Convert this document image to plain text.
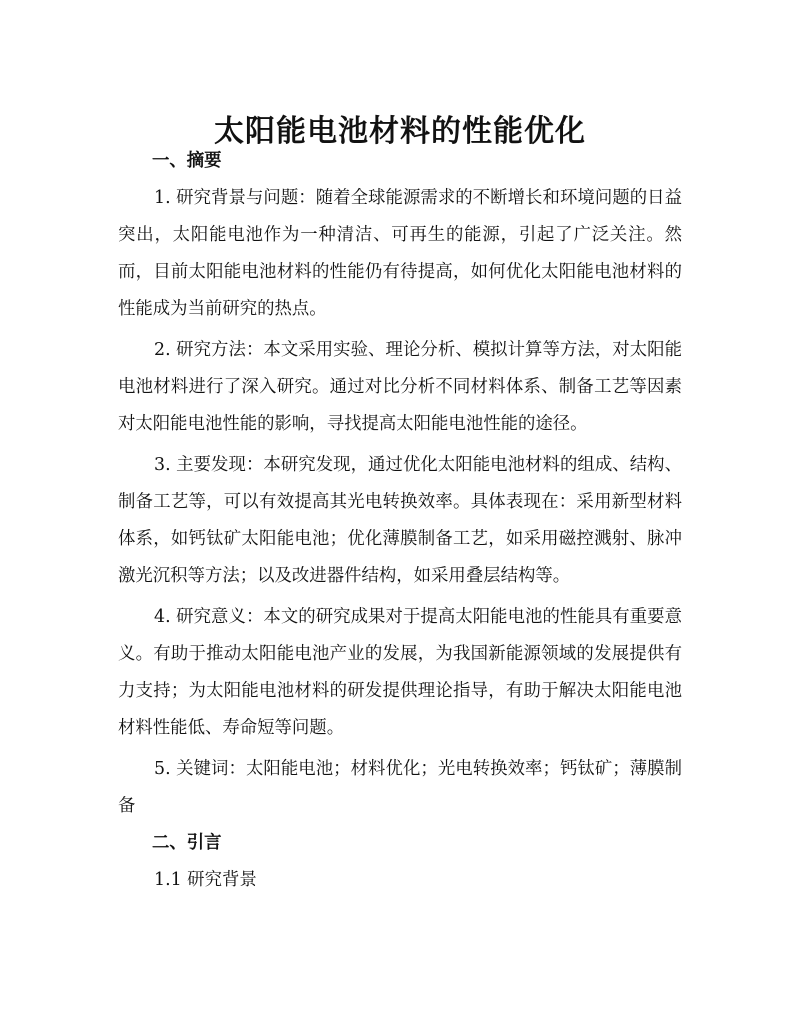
太阳能电池材料的性能优化
一、摘要

1. 研究背景与问题：随着全球能源需求的不断增长和环境问题的日益突出，太阳能电池作为一种清洁、可再生的能源，引起了广泛关注。然而，目前太阳能电池材料的性能仍有待提高，如何优化太阳能电池材料的性能成为当前研究的热点。

2. 研究方法：本文采用实验、理论分析、模拟计算等方法，对太阳能电池材料进行了深入研究。通过对比分析不同材料体系、制备工艺等因素对太阳能电池性能的影响，寻找提高太阳能电池性能的途径。

3. 主要发现：本研究发现，通过优化太阳能电池材料的组成、结构、制备工艺等，可以有效提高其光电转换效率。具体表现在：采用新型材料体系，如钙钛矿太阳能电池；优化薄膜制备工艺，如采用磁控溅射、脉冲激光沉积等方法；以及改进器件结构，如采用叠层结构等。

4. 研究意义：本文的研究成果对于提高太阳能电池的性能具有重要意义。有助于推动太阳能电池产业的发展，为我国新能源领域的发展提供有力支持；为太阳能电池材料的研发提供理论指导，有助于解决太阳能电池材料性能低、寿命短等问题。

5. 关键词：太阳能电池；材料优化；光电转换效率；钙钛矿；薄膜制备

二、引言
1.1 研究背景
